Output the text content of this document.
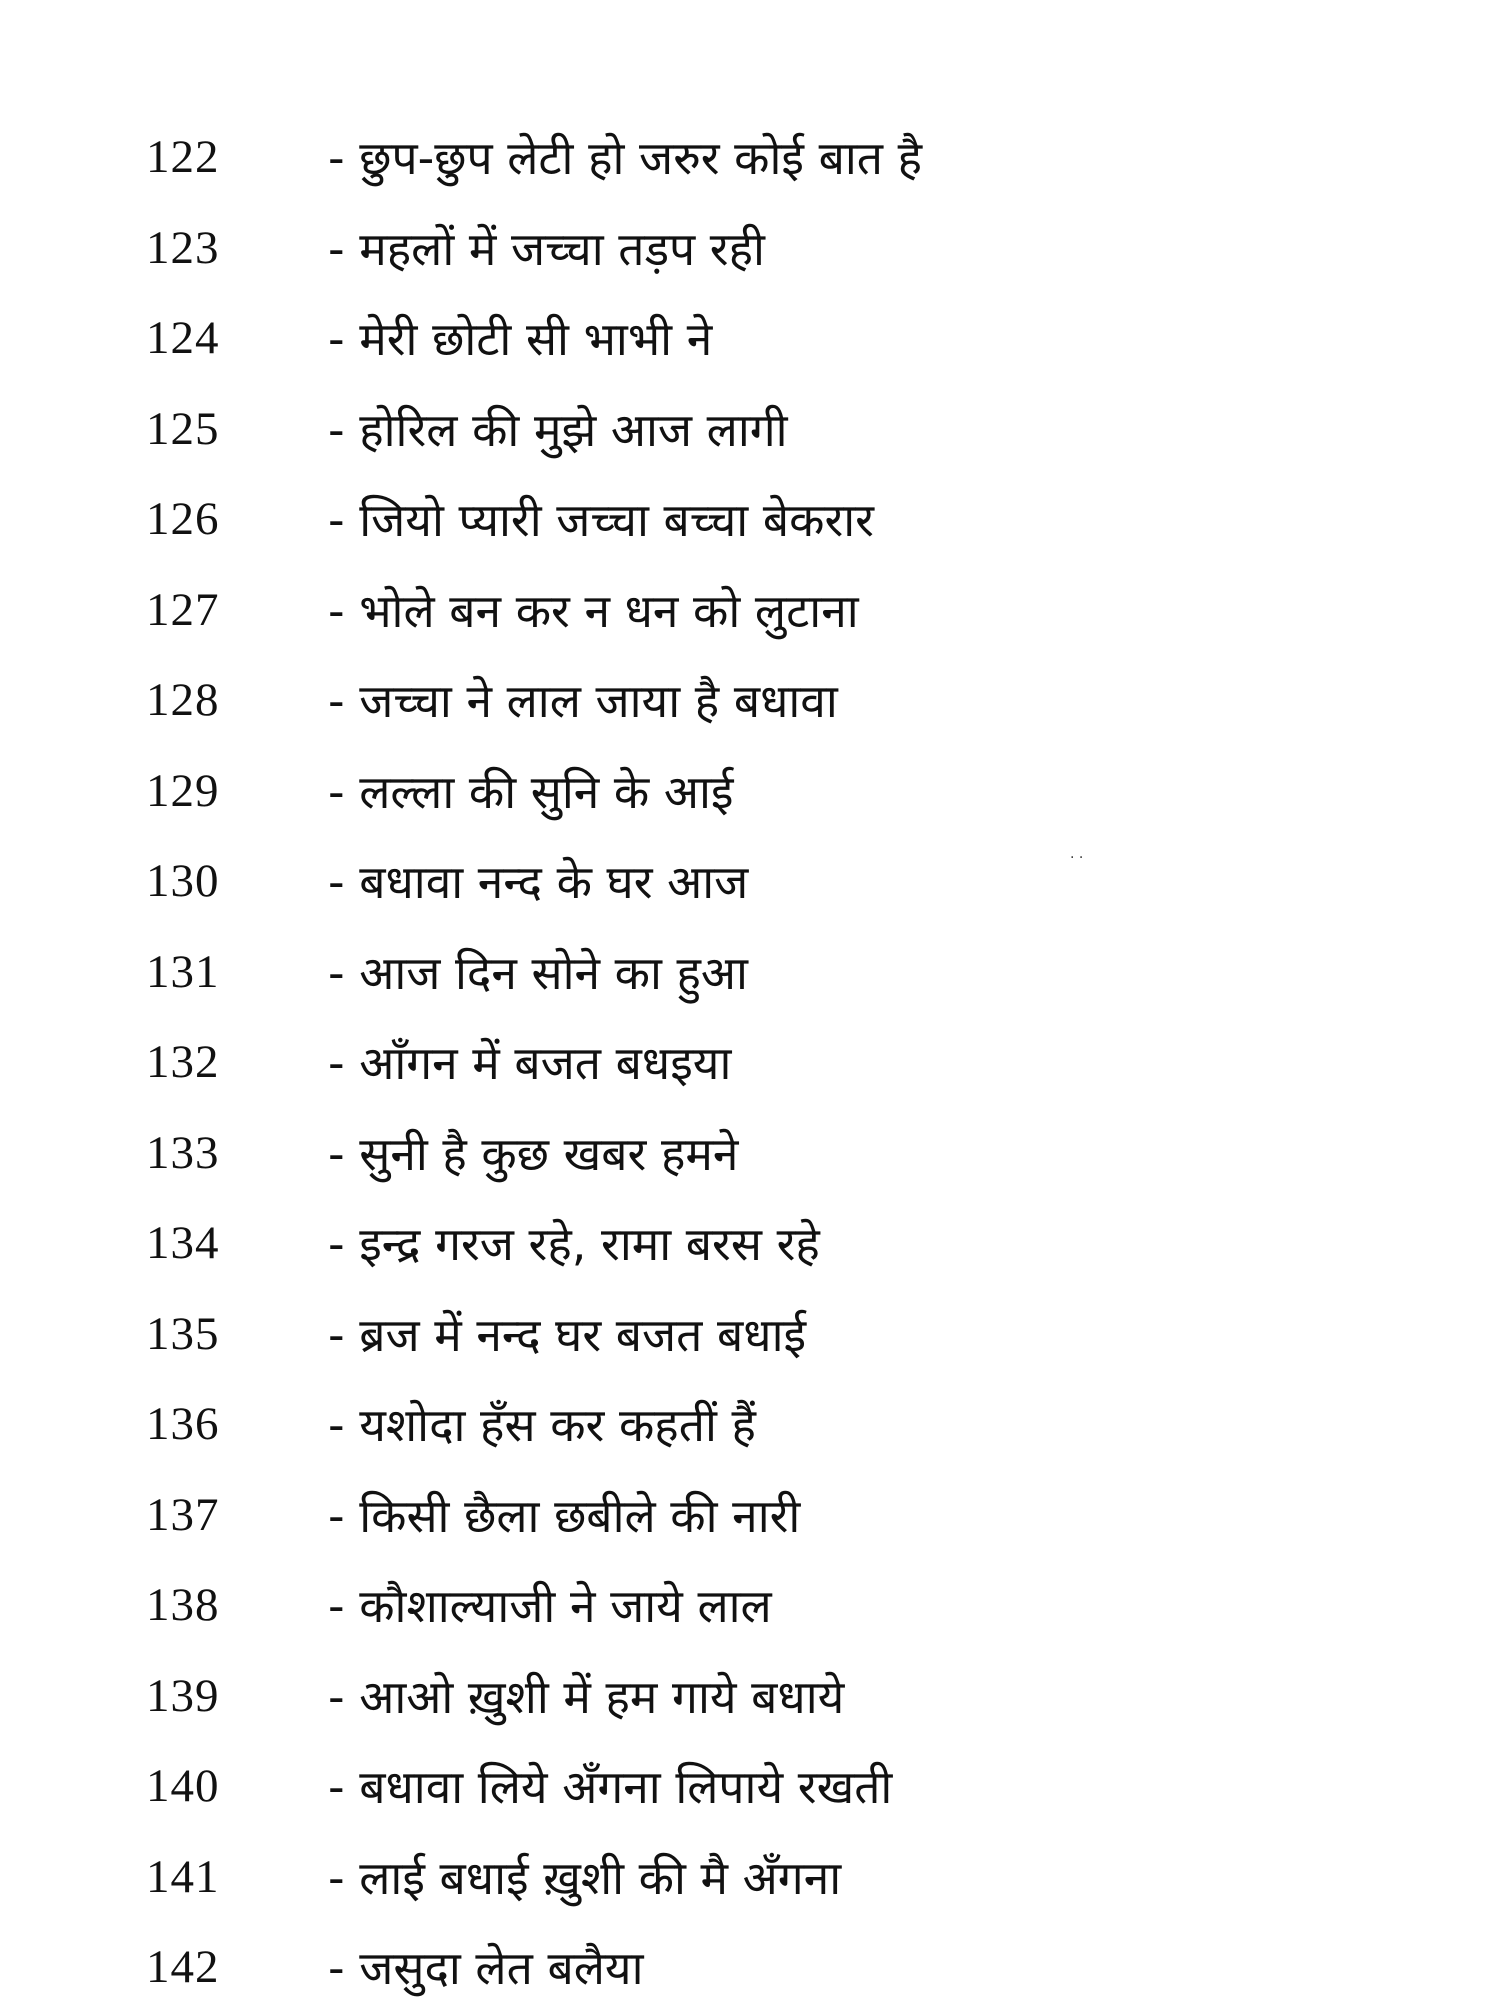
122	- छुप-छुप लेटी हो जरुर कोई बात है
123	- महलों में जच्चा तड़प रही
124	- मेरी छोटी सी भाभी ने
125	- होरिल की मुझे आज लागी
126	- जियो प्यारी जच्चा बच्चा बेकरार
127	- भोले बन कर न धन को लुटाना
128	- जच्चा ने लाल जाया है बधावा
129	- लल्ला की सुनि के आई
130	- बधावा नन्द के घर आज
131	- आज दिन सोने का हुआ
132	- आँगन में बजत बधइया
133	- सुनी है कुछ खबर हमने
134	- इन्द्र गरज रहे, रामा बरस रहे
135	- ब्रज में नन्द घर बजत बधाई
136	- यशोदा हँस कर कहतीं हैं
137	- किसी छैला छबीले की नारी
138	- कौशाल्याजी ने जाये लाल
139	- आओ ख़ुशी में हम गाये बधाये
140	- बधावा लिये अँगना लिपाये रखती
141	- लाई बधाई ख़ुशी की मै अँगना
142	- जसुदा लेत बलैया
· ·
